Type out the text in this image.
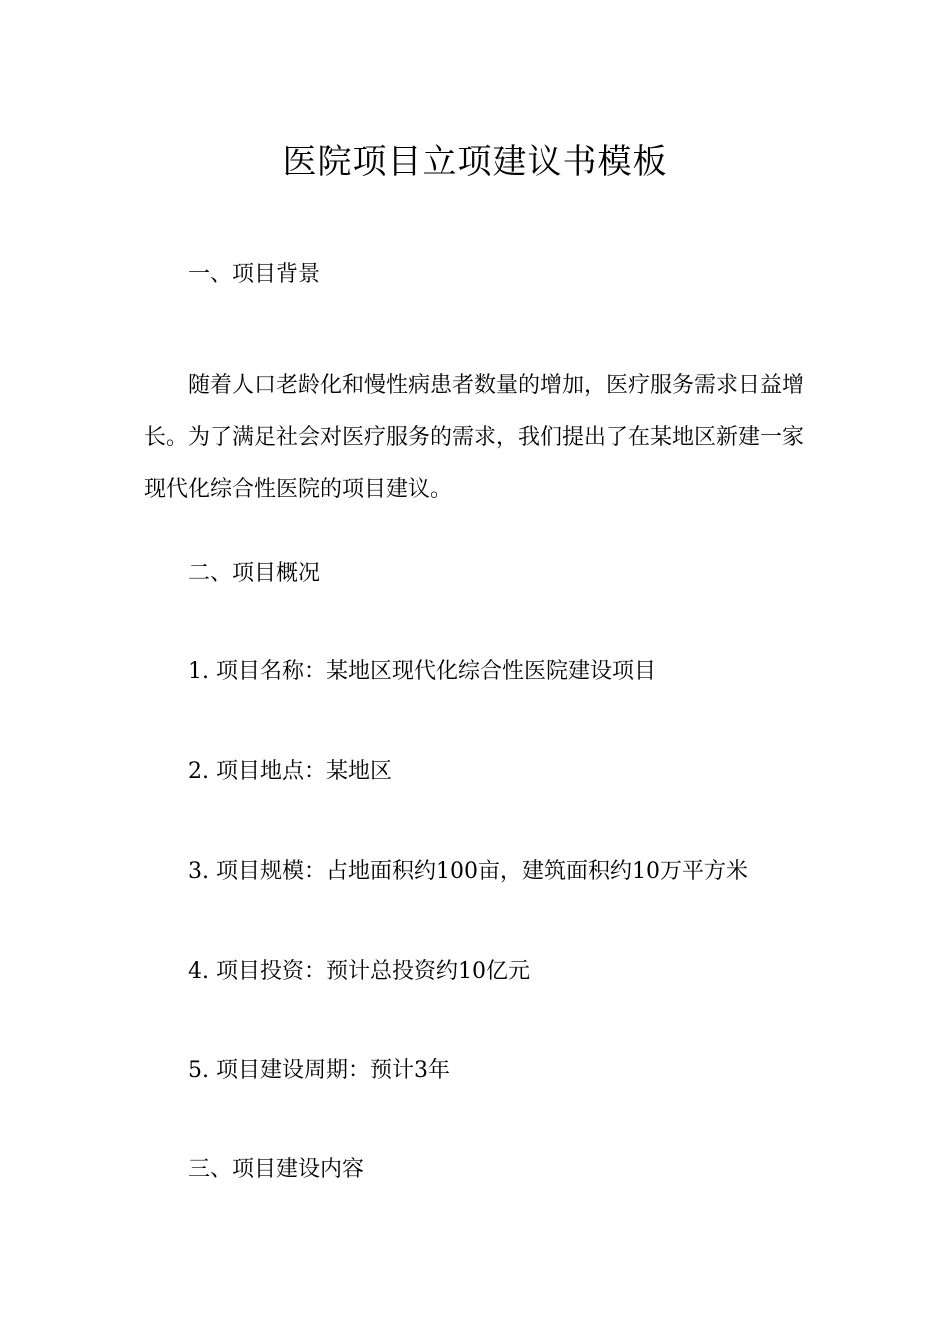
医院项目立项建议书模板
一、项目背景
随着人口老龄化和慢性病患者数量的增加，医疗服务需求日益增长。为了满足社会对医疗服务的需求，我们提出了在某地区新建一家现代化综合性医院的项目建议。
二、项目概况
1. 项目名称：某地区现代化综合性医院建设项目
2. 项目地点：某地区
3. 项目规模：占地面积约100亩，建筑面积约10万平方米
4. 项目投资：预计总投资约10亿元
5. 项目建设周期：预计3年
三、项目建设内容
